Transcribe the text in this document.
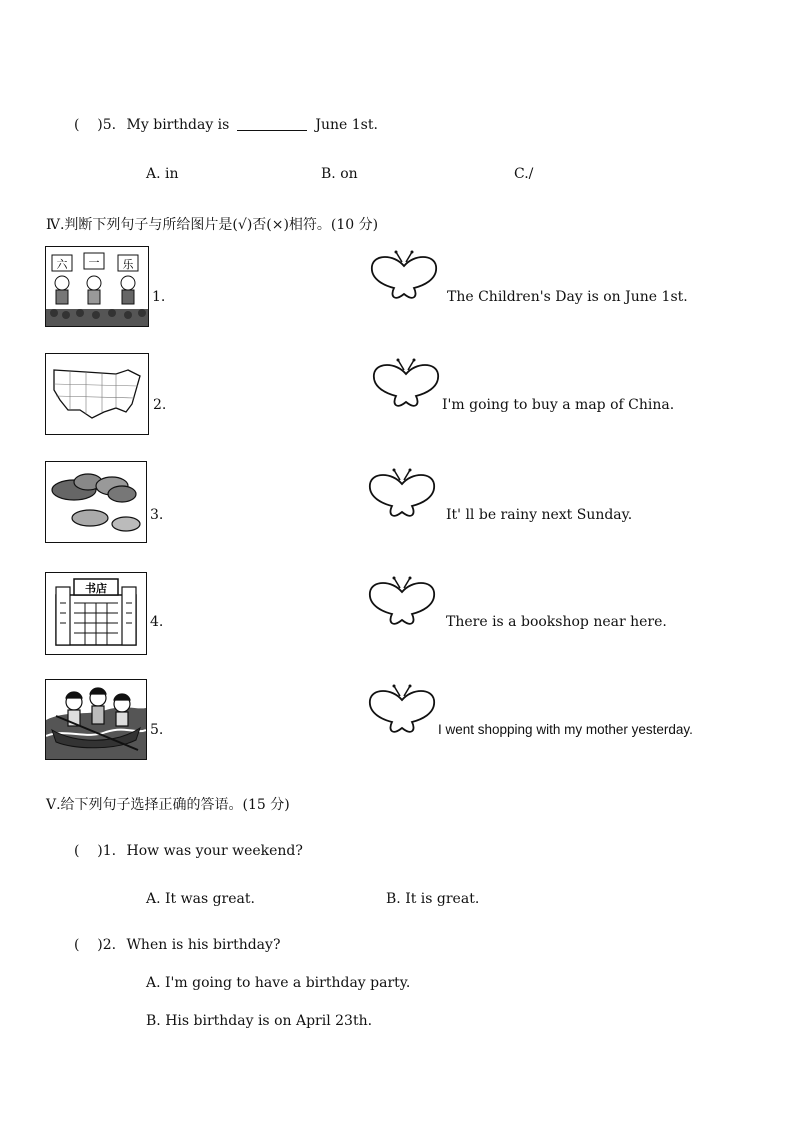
(    )5. My birthday is	June 1st.
A. in	B. on	C./
Ⅳ.判断下列句子与所给图片是(√)否(×)相符。(10 分)
六 一 乐
1.	The Children's Day is on June 1st.
2.	I'm going to buy a map of China.
3.	It' ll be rainy next Sunday.
书店
4.	There is a bookshop near here.
5.	I went shopping with my mother yesterday.
Ⅴ.给下列句子选择正确的答语。(15 分)
(    )1. How was your weekend?
A. It was great.	B. It is great.
(    )2. When is his birthday?
A. I'm going to have a birthday party.
B. His birthday is on April 23th.
